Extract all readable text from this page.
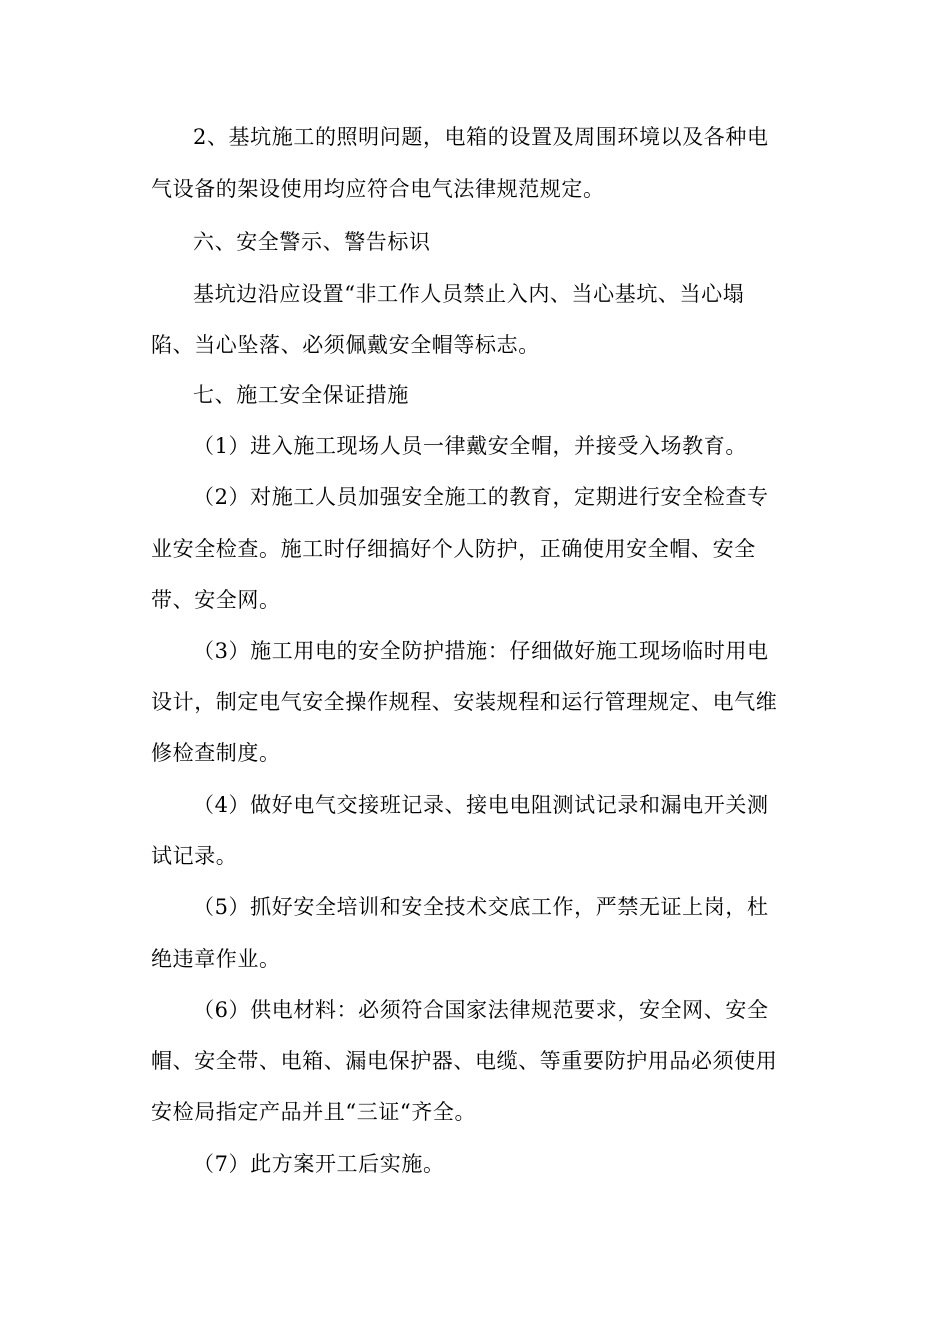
2、基坑施工的照明问题，电箱的设置及周围环境以及各种电
气设备的架设使用均应符合电气法律规范规定。
六、安全警示、警告标识
基坑边沿应设置“非工作人员禁止入内、当心基坑、当心塌
陷、当心坠落、必须佩戴安全帽等标志。
七、施工安全保证措施
（1）进入施工现场人员一律戴安全帽，并接受入场教育。
（2）对施工人员加强安全施工的教育，定期进行安全检查专
业安全检查。施工时仔细搞好个人防护，正确使用安全帽、安全
带、安全网。
（3）施工用电的安全防护措施：仔细做好施工现场临时用电
设计，制定电气安全操作规程、安装规程和运行管理规定、电气维
修检查制度。
（4）做好电气交接班记录、接电电阻测试记录和漏电开关测
试记录。
（5）抓好安全培训和安全技术交底工作，严禁无证上岗，杜
绝违章作业。
（6）供电材料：必须符合国家法律规范要求，安全网、安全
帽、安全带、电箱、漏电保护器、电缆、等重要防护用品必须使用
安检局指定产品并且“三证“齐全。
（7）此方案开工后实施。
